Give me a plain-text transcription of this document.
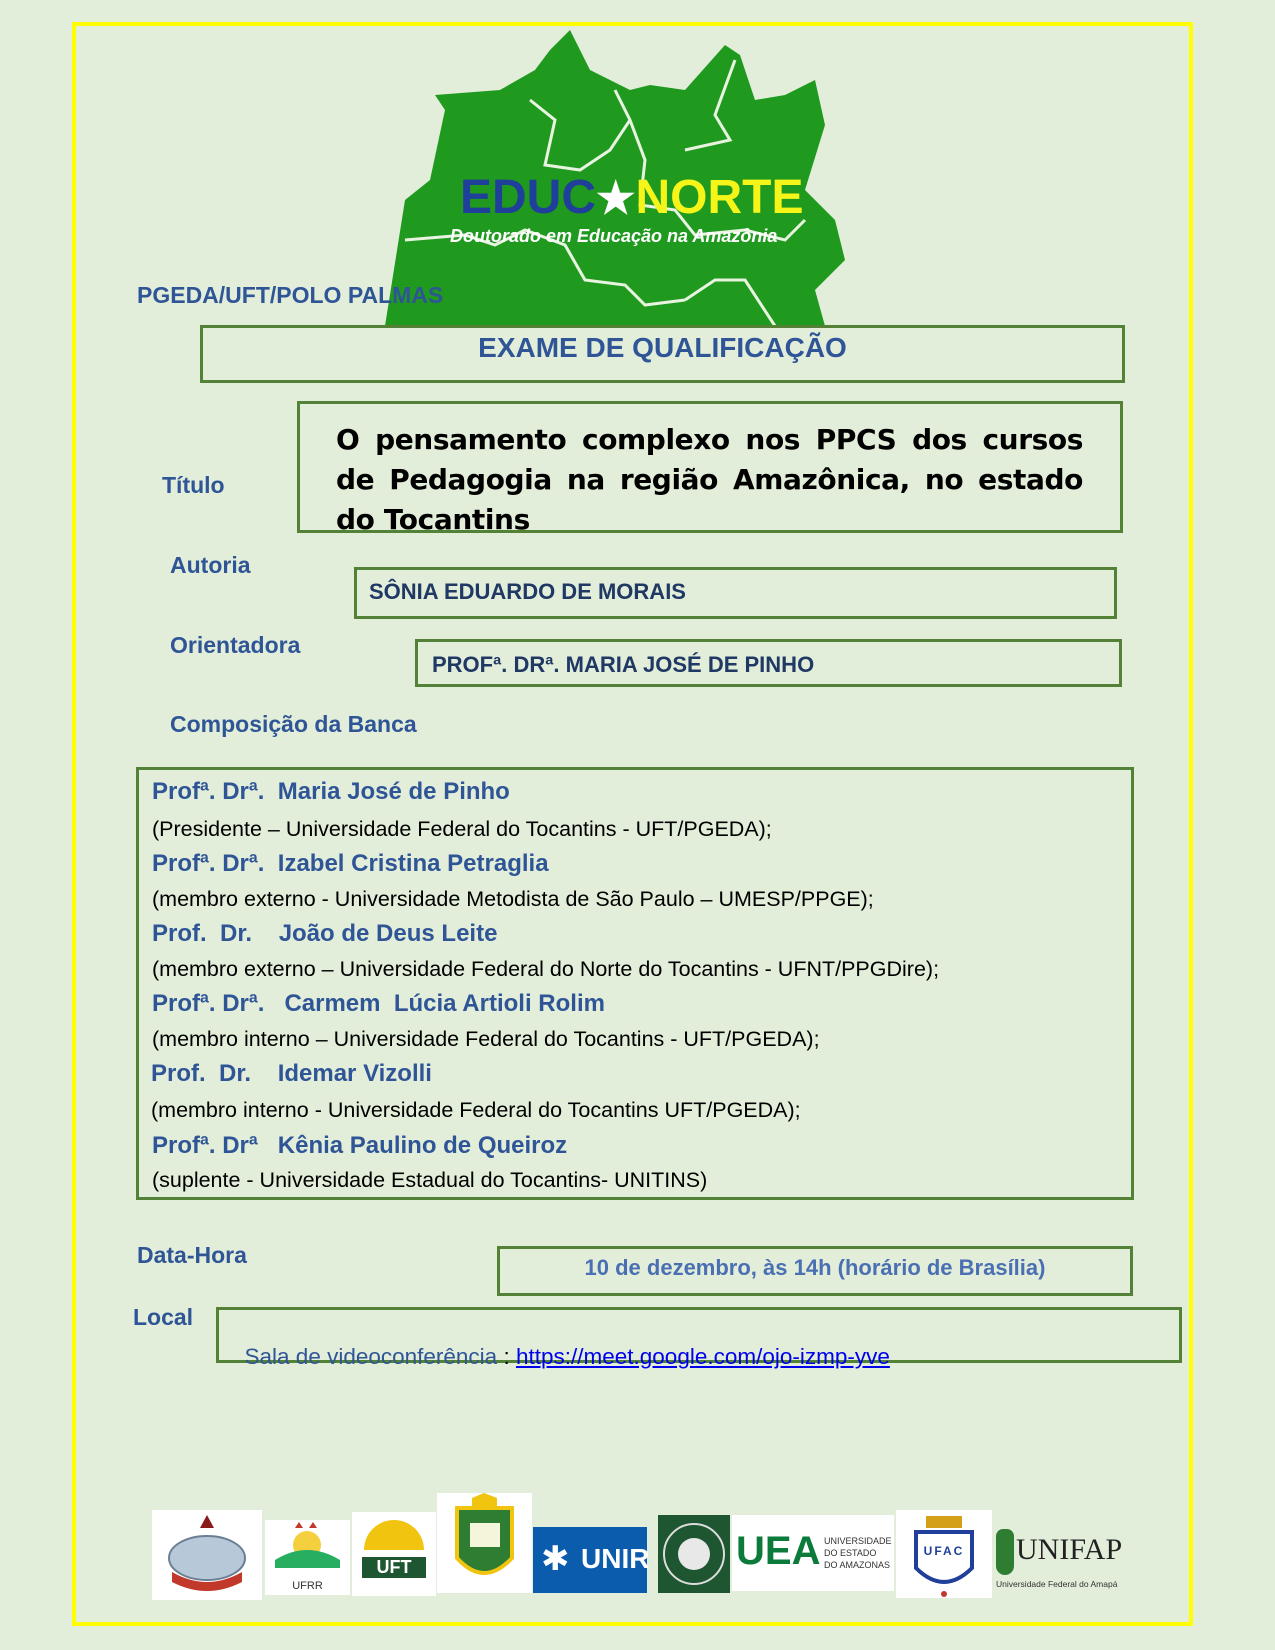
EDUC★NORTE
Doutorado em Educação na Amazônia
PGEDA/UFT/POLO PALMAS
EXAME DE QUALIFICAÇÃO
Título
O pensamento complexo nos PPCS dos cursos de Pedagogia na região Amazônica, no estado do Tocantins
Autoria
SÔNIA EDUARDO DE MORAIS
Orientadora
PROFª. DRª. MARIA JOSÉ DE PINHO
Composição da Banca
Profª. Drª.  Maria José de Pinho
(Presidente – Universidade Federal do Tocantins - UFT/PGEDA);
Profª. Drª.  Izabel Cristina Petraglia
(membro externo - Universidade Metodista de São Paulo – UMESP/PPGE);
Prof.  Dr.    João de Deus Leite
(membro externo – Universidade Federal do Norte do Tocantins - UFNT/PPGDire);
Profª. Drª.   Carmem  Lúcia Artioli Rolim
(membro interno – Universidade Federal do Tocantins - UFT/PGEDA);
Prof.  Dr.    Idemar Vizolli
(membro interno - Universidade Federal do Tocantins UFT/PGEDA);
Profª. Drª   Kênia Paulino de Queiroz
(suplente - Universidade Estadual do Tocantins- UNITINS)
Data-Hora	10 de dezembro, às 14h (horário de Brasília)
Local

Sala de videoconferência : https://meet.google.com/ojo-izmp-yve

UFRR
UFT	✱ UNIR UEA UNIVERSIDADE DO ESTADO DO AMAZONAS
UFAC UNIFAP
Universidade Federal do Amapá
